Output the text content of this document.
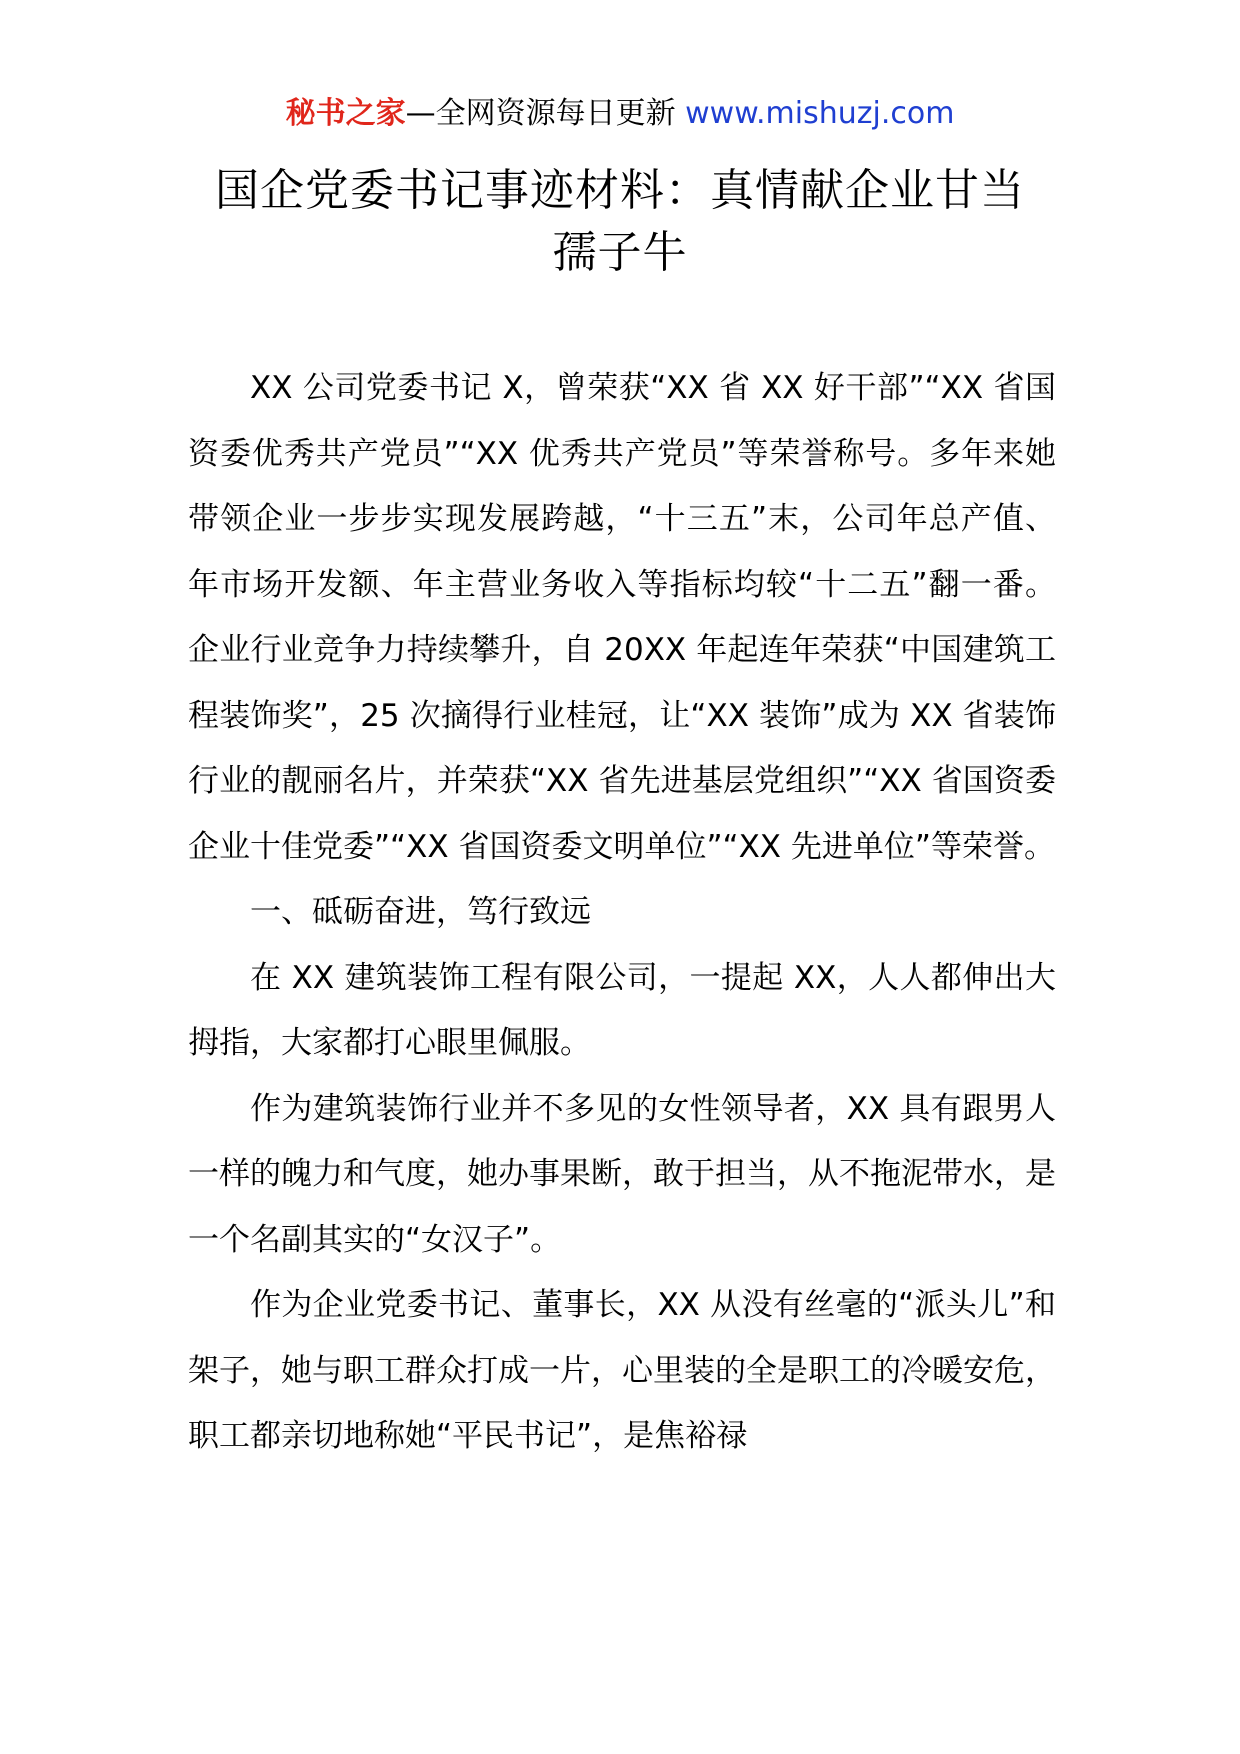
秘书之家—全网资源每日更新 www.mishuzj.com
国企党委书记事迹材料：真情献企业甘当
孺子牛

XX 公司党委书记 X，曾荣获“XX 省 XX 好干部”“XX 省国资委优秀共产党员”“XX 优秀共产党员”等荣誉称号。多年来她带领企业一步步实现发展跨越，“十三五”末，公司年总产值、年市场开发额、年主营业务收入等指标均较“十二五”翻一番。企业行业竞争力持续攀升，自 20XX 年起连年荣获“中国建筑工程装饰奖”，25 次摘得行业桂冠，让“XX 装饰”成为 XX 省装饰行业的靓丽名片，并荣获“XX 省先进基层党组织”“XX 省国资委企业十佳党委”“XX 省国资委文明单位”“XX 先进单位”等荣誉。

一、砥砺奋进，笃行致远

在 XX 建筑装饰工程有限公司，一提起 XX，人人都伸出大拇指，大家都打心眼里佩服。

作为建筑装饰行业并不多见的女性领导者，XX 具有跟男人一样的魄力和气度，她办事果断，敢于担当，从不拖泥带水，是一个名副其实的“女汉子”。

作为企业党委书记、董事长，XX 从没有丝毫的“派头儿”和架子，她与职工群众打成一片，心里装的全是职工的冷暖安危，职工都亲切地称她“平民书记”，是焦裕禄
